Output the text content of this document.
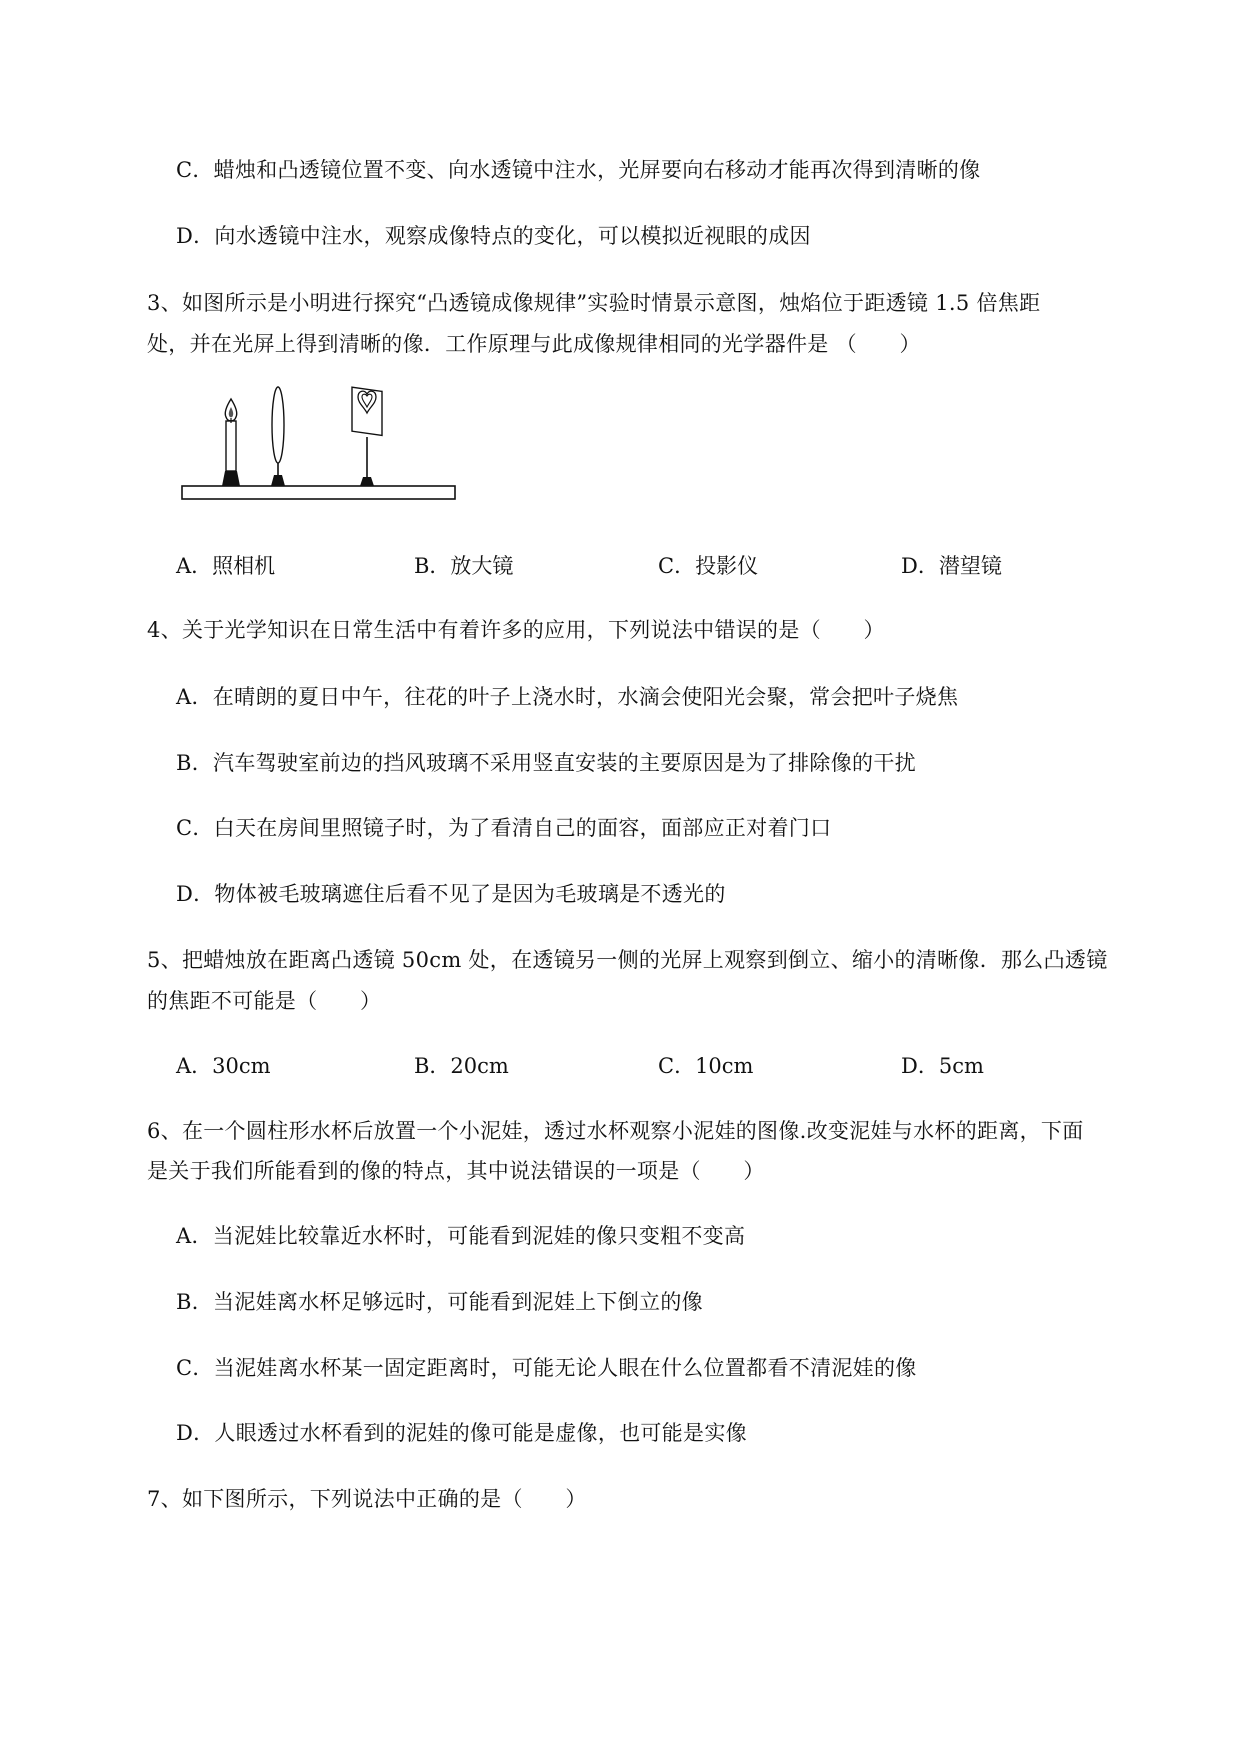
C．蜡烛和凸透镜位置不变、向水透镜中注水，光屏要向右移动才能再次得到清晰的像
D．向水透镜中注水，观察成像特点的变化，可以模拟近视眼的成因
3、如图所示是小明进行探究“凸透镜成像规律”实验时情景示意图，烛焰位于距透镜 1.5 倍焦距
处，并在光屏上得到清晰的像．工作原理与此成像规律相同的光学器件是 （　　）
A．照相机	B．放大镜	C．投影仪	D．潜望镜
4、关于光学知识在日常生活中有着许多的应用，下列说法中错误的是（　　）
A．在晴朗的夏日中午，往花的叶子上浇水时，水滴会使阳光会聚，常会把叶子烧焦
B．汽车驾驶室前边的挡风玻璃不采用竖直安装的主要原因是为了排除像的干扰
C．白天在房间里照镜子时，为了看清自己的面容，面部应正对着门口
D．物体被毛玻璃遮住后看不见了是因为毛玻璃是不透光的
5、把蜡烛放在距离凸透镜 50cm 处，在透镜另一侧的光屏上观察到倒立、缩小的清晰像．那么凸透镜
的焦距不可能是（　　）
A．30cm	B．20cm	C．10cm	D．5cm
6、在一个圆柱形水杯后放置一个小泥娃，透过水杯观察小泥娃的图像.改变泥娃与水杯的距离，下面
是关于我们所能看到的像的特点，其中说法错误的一项是（　　）
A．当泥娃比较靠近水杯时，可能看到泥娃的像只变粗不变高
B．当泥娃离水杯足够远时，可能看到泥娃上下倒立的像
C．当泥娃离水杯某一固定距离时，可能无论人眼在什么位置都看不清泥娃的像
D．人眼透过水杯看到的泥娃的像可能是虚像，也可能是实像
7、如下图所示，下列说法中正确的是（　　）
